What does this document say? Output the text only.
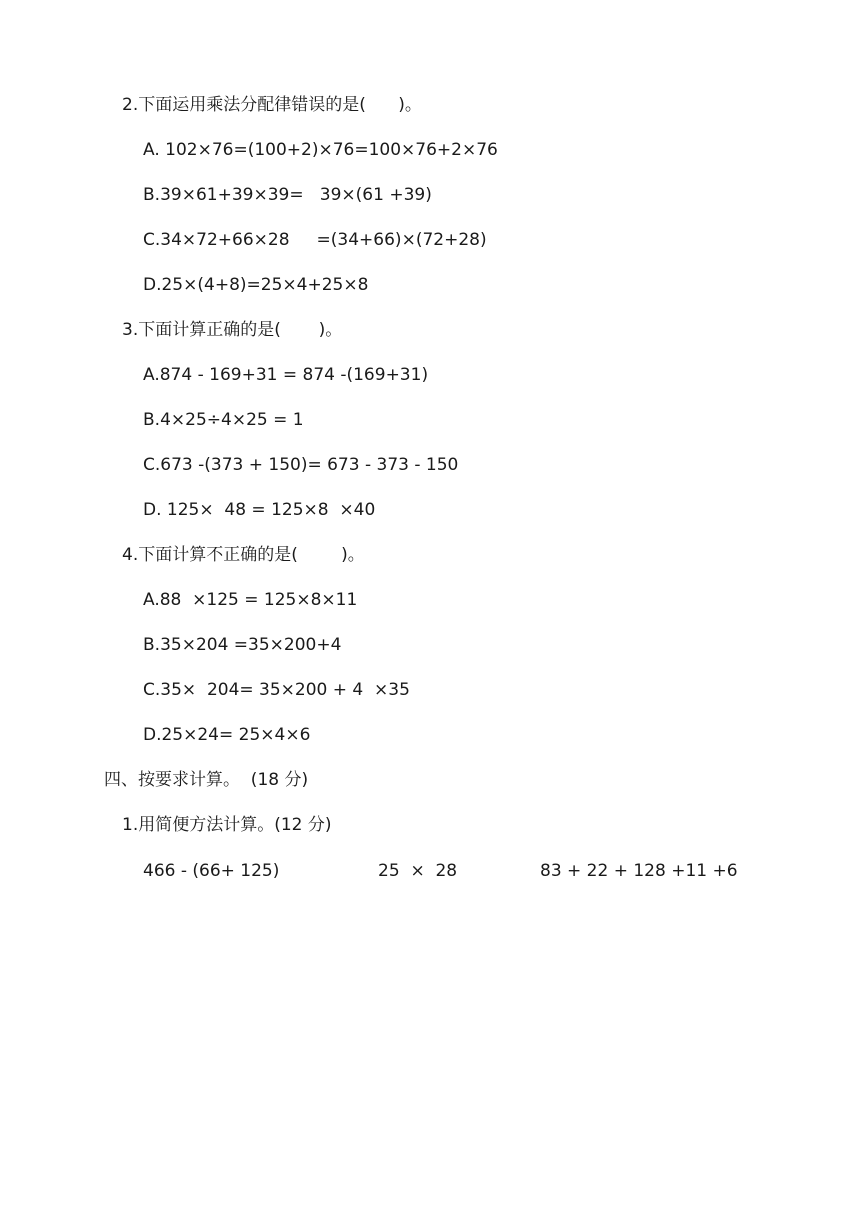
2.下面运用乘法分配律错误的是(      )。
A. 102×76=(100+2)×76=100×76+2×76
B.39×61+39×39=   39×(61 +39)
C.34×72+66×28     =(34+66)×(72+28)
D.25×(4+8)=25×4+25×8
3.下面计算正确的是(       )。
A.874 - 169+31 = 874 -(169+31)
B.4×25÷4×25 = 1
C.673 -(373 + 150)= 673 - 373 - 150
D. 125×  48 = 125×8  ×40
4.下面计算不正确的是(        )。
A.88  ×125 = 125×8×11
B.35×204 =35×200+4
C.35×  204= 35×200 + 4  ×35
D.25×24= 25×4×6
四、按要求计算。  (18 分)
1.用简便方法计算。(12 分)
466 - (66+ 125)	25  ×  28	83 + 22 + 128 +11 +6
